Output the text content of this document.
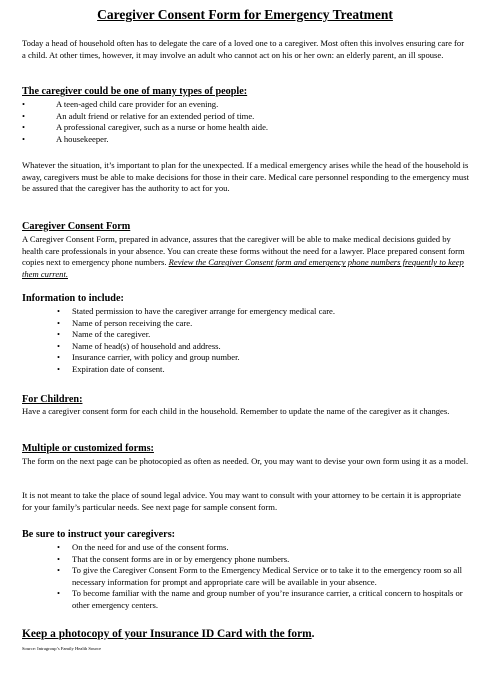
Caregiver Consent Form for Emergency Treatment

Today a head of household often has to delegate the care of a loved one to a caregiver. Most often this involves ensuring care for a child. At other times, however, it may involve an adult who cannot act on his or her own: an elderly parent, an ill spouse.

The caregiver could be one of many types of people:

• A teen-aged child care provider for an evening.
• An adult friend or relative for an extended period of time.
• A professional caregiver, such as a nurse or home health aide.
• A housekeeper.

Whatever the situation, it’s important to plan for the unexpected. If a medical emergency arises while the head of the household is away, caregivers must be able to make decisions for those in their care. Medical care personnel responding to the emergency must be assured that the caregiver has the authority to act for you.

Caregiver Consent Form

A Caregiver Consent Form, prepared in advance, assures that the caregiver will be able to make medical decisions guided by health care professionals in your absence. You can create these forms without the need for a lawyer. Place prepared consent form copies next to emergency phone numbers. Review the Caregiver Consent form and emergency phone numbers frequently to keep them current.

Information to include:

• Stated permission to have the caregiver arrange for emergency medical care.
• Name of person receiving the care.
• Name of the caregiver.
• Name of head(s) of household and address.
• Insurance carrier, with policy and group number.
• Expiration date of consent.

For Children:

Have a caregiver consent form for each child in the household. Remember to update the name of the caregiver as it changes.

Multiple or customized forms:

The form on the next page can be photocopied as often as needed. Or, you may want to devise your own form using it as a model.

It is not meant to take the place of sound legal advice. You may want to consult with your attorney to be certain it is appropriate for your family’s particular needs. See next page for sample consent form.

Be sure to instruct your caregivers:

• On the need for and use of the consent forms.
• That the consent forms are in or by emergency phone numbers.
• To give the Caregiver Consent Form to the Emergency Medical Service or to take it to the emergency room so all necessary information for prompt and appropriate care will be available in your absence.
• To become familiar with the name and group number of you’re insurance carrier, a critical concern to hospitals or other emergency centers.
Keep a photocopy of your Insurance ID Card with the form.
Source: Intragroup’s Family Health Source
